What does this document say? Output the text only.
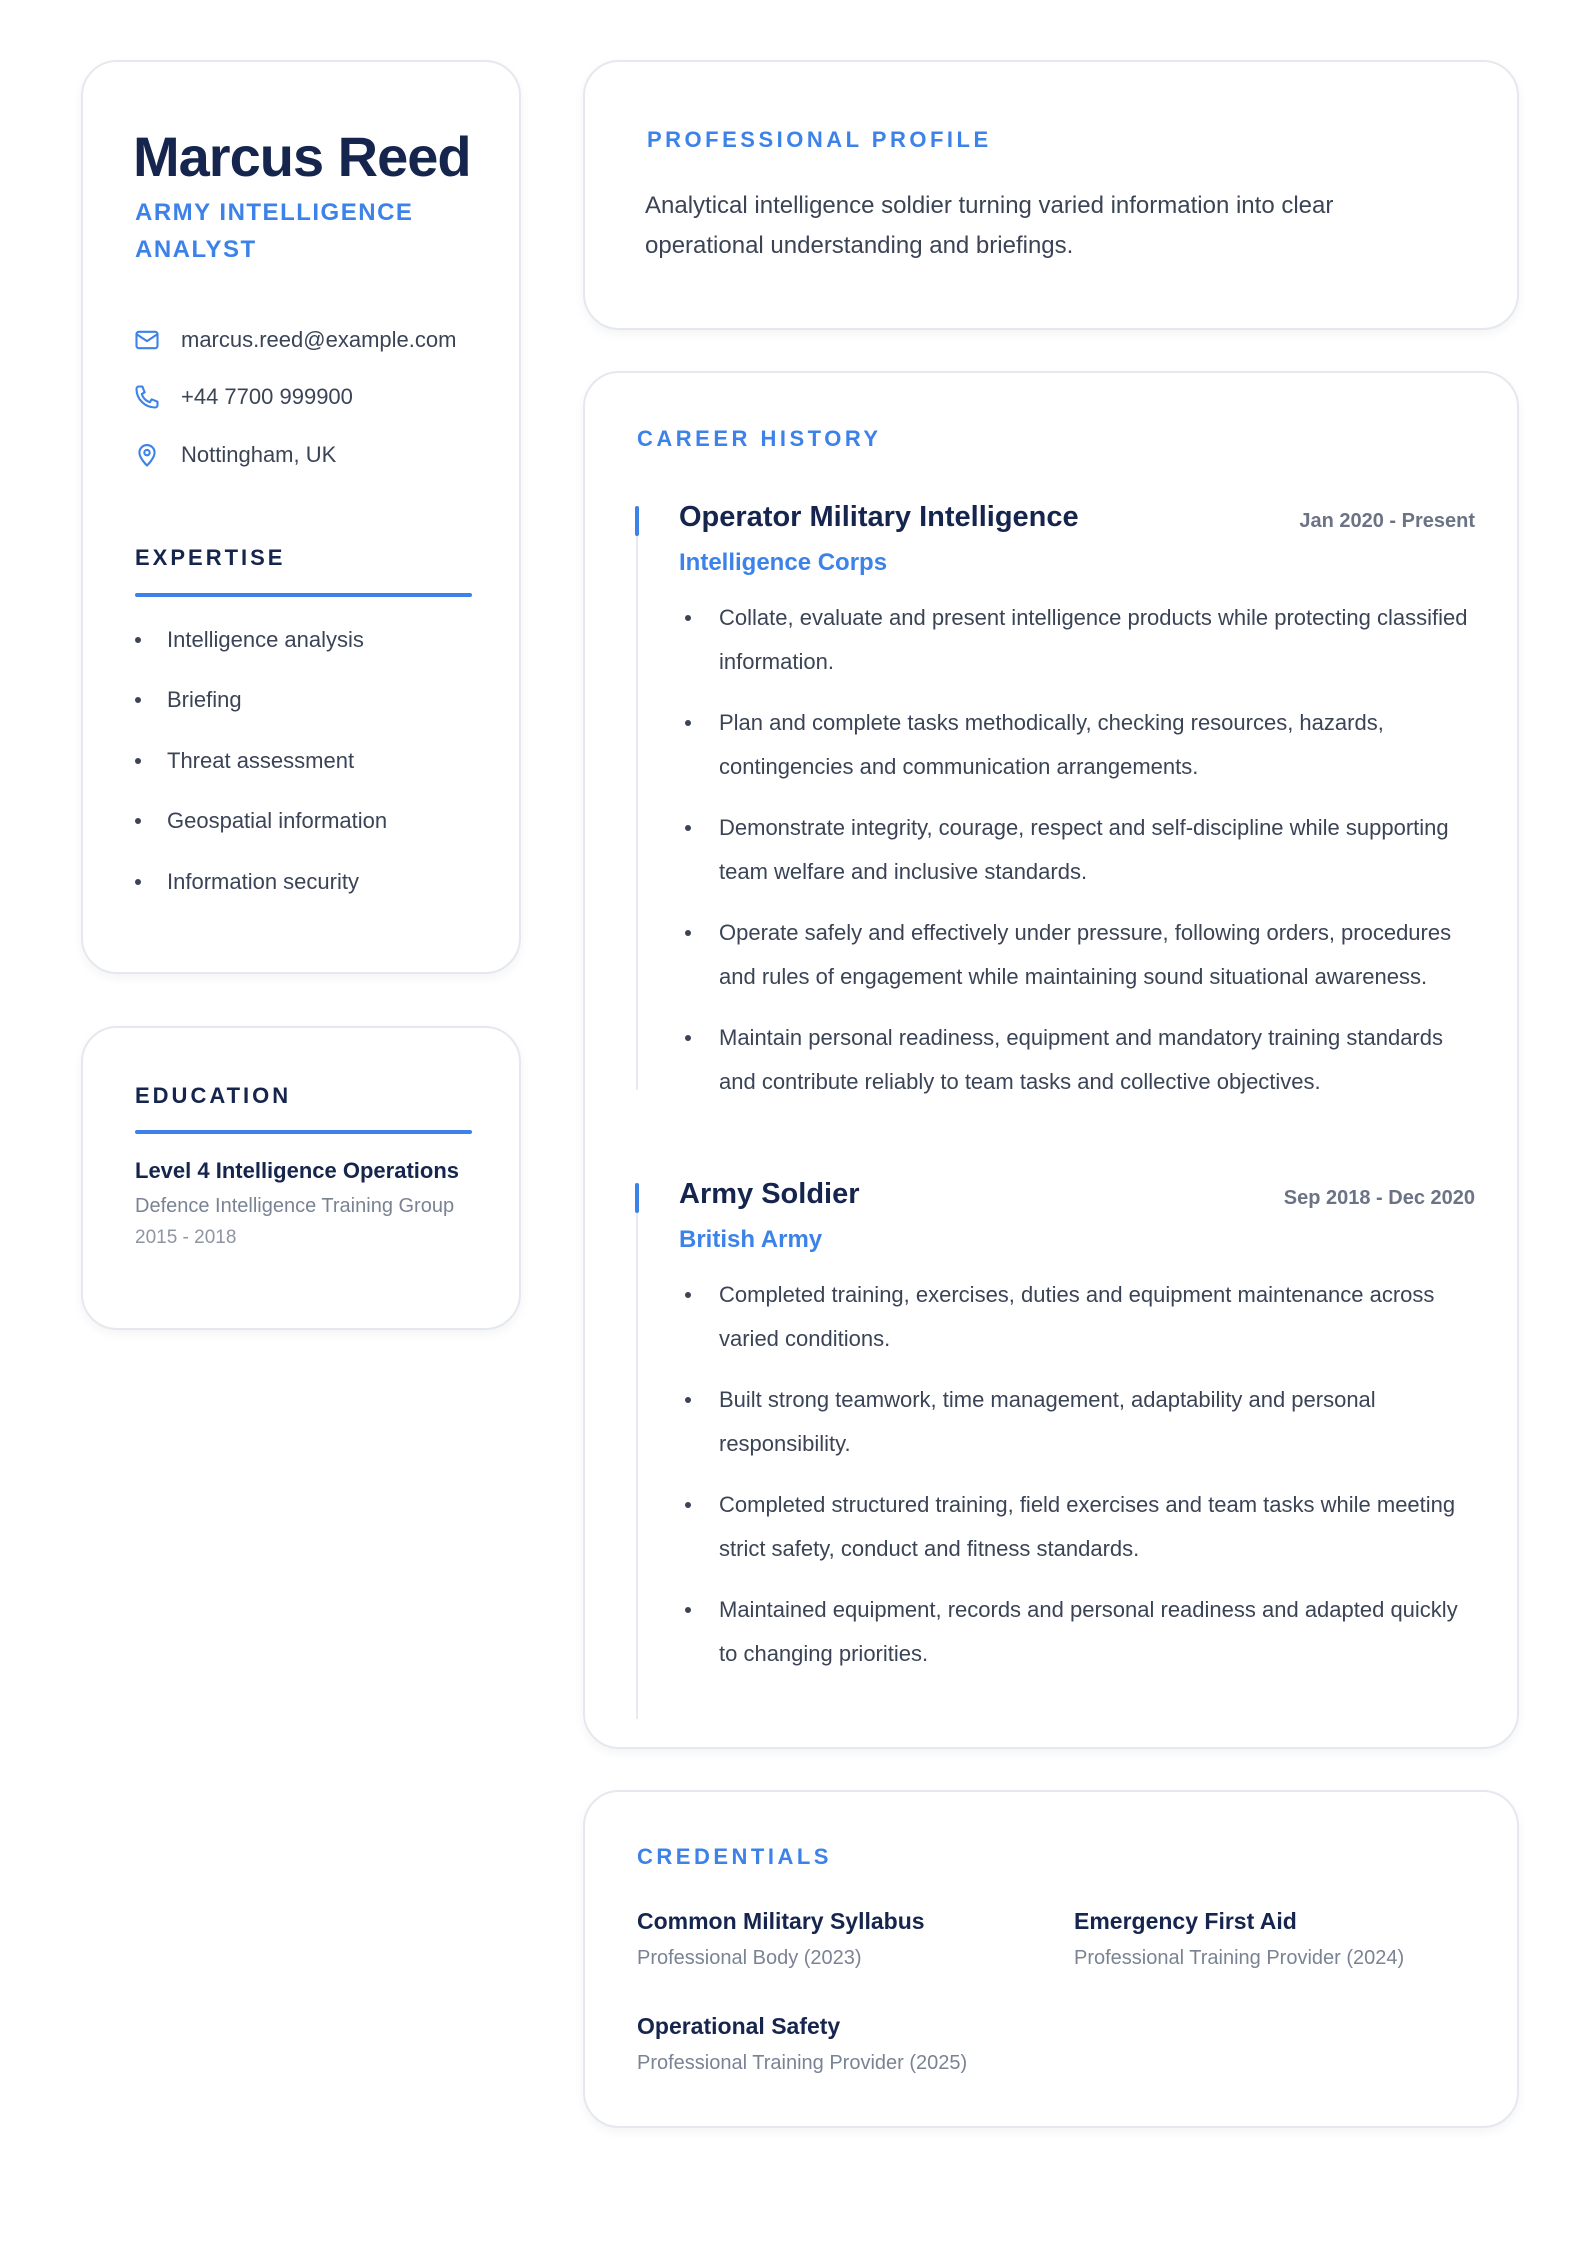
Marcus Reed
ARMY INTELLIGENCE ANALYST
marcus.reed@example.com
+44 7700 999900
Nottingham, UK
EXPERTISE
Intelligence analysis
Briefing
Threat assessment
Geospatial information
Information security
EDUCATION
Level 4 Intelligence Operations
Defence Intelligence Training Group
2015 - 2018
PROFESSIONAL PROFILE
Analytical intelligence soldier turning varied information into clear operational understanding and briefings.
CAREER HISTORY
Operator Military Intelligence	Jan 2020 - Present
Intelligence Corps
Collate, evaluate and present intelligence products while protecting classified information.
Plan and complete tasks methodically, checking resources, hazards, contingencies and communication arrangements.
Demonstrate integrity, courage, respect and self-discipline while supporting team welfare and inclusive standards.
Operate safely and effectively under pressure, following orders, procedures and rules of engagement while maintaining sound situational awareness.
Maintain personal readiness, equipment and mandatory training standards and contribute reliably to team tasks and collective objectives.
Army Soldier	Sep 2018 - Dec 2020
British Army
Completed training, exercises, duties and equipment maintenance across varied conditions.
Built strong teamwork, time management, adaptability and personal responsibility.
Completed structured training, field exercises and team tasks while meeting strict safety, conduct and fitness standards.
Maintained equipment, records and personal readiness and adapted quickly to changing priorities.
CREDENTIALS
Common Military Syllabus
Professional Body (2023)
Emergency First Aid
Professional Training Provider (2024)
Operational Safety
Professional Training Provider (2025)
